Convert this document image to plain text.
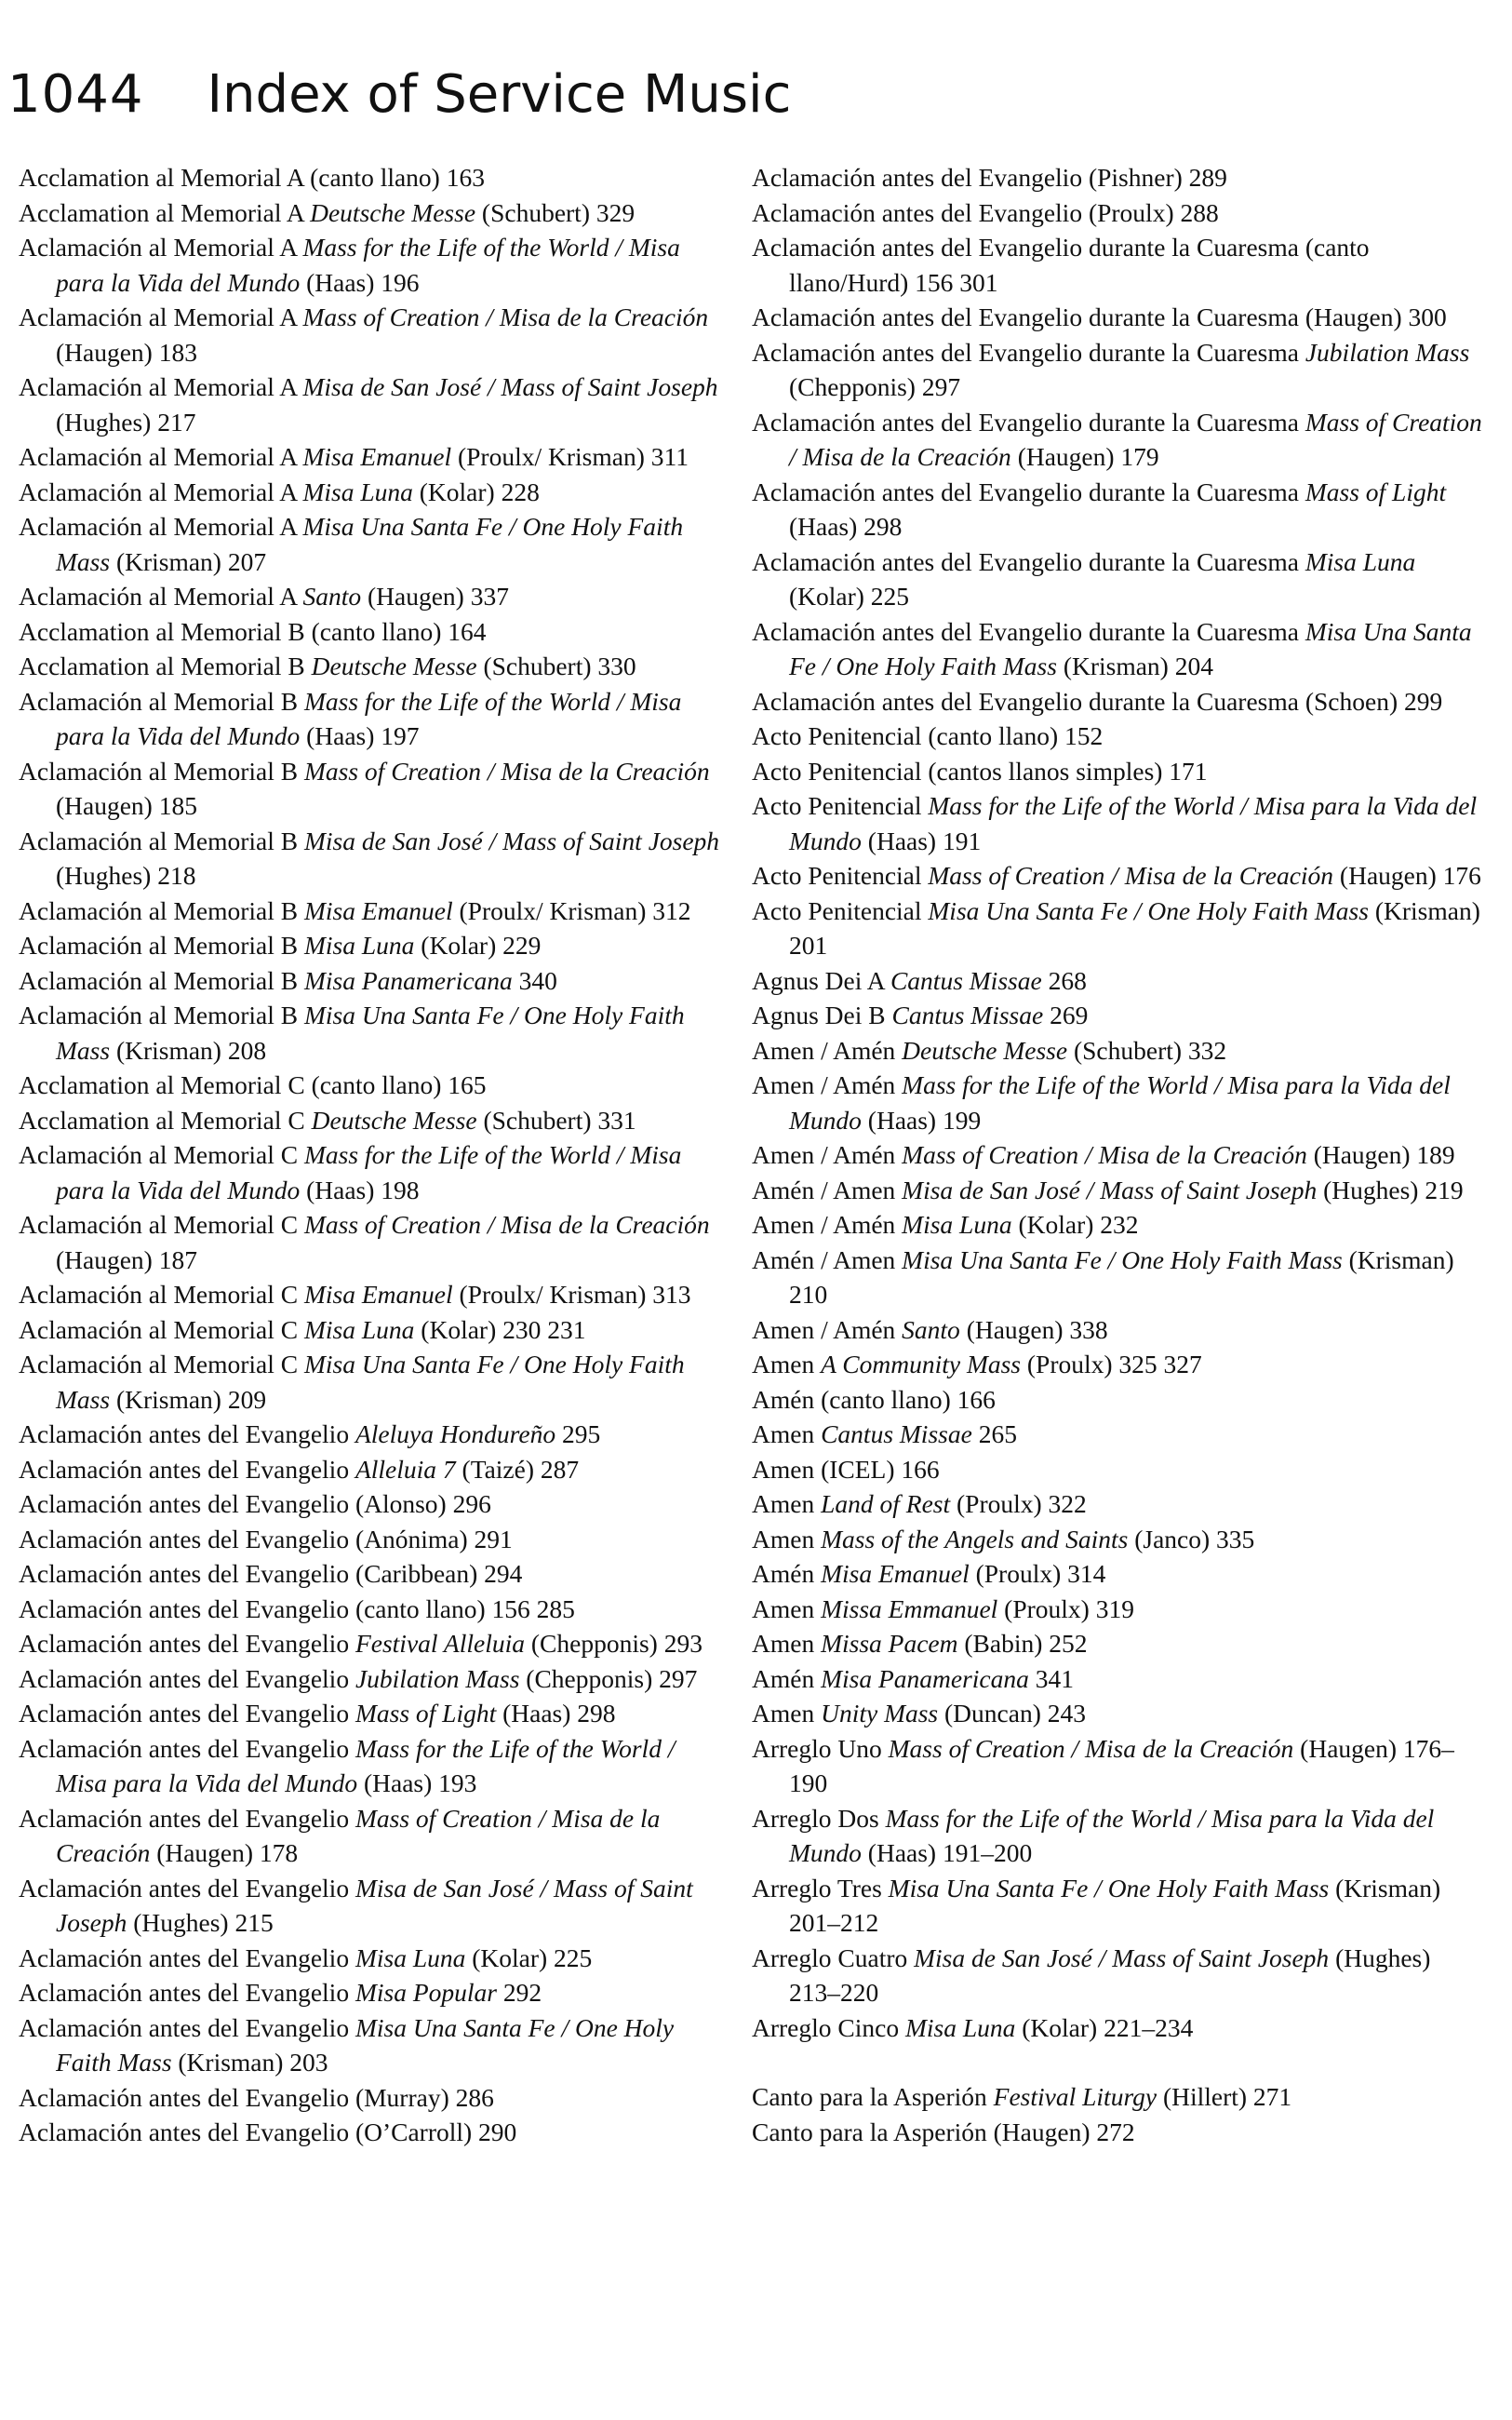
1044 Index of Service Music

Acclamation al Memorial A (canto llano) 163

Acclamation al Memorial A Deutsche Messe (Schubert) 329

Aclamación al Memorial A Mass for the Life of the World / Misa para la Vida del Mundo (Haas) 196

Aclamación al Memorial A Mass of Creation / Misa de la Creación (Haugen) 183

Aclamación al Memorial A Misa de San José / Mass of Saint Joseph (Hughes) 217

Aclamación al Memorial A Misa Emanuel (Proulx/ Krisman) 311

Aclamación al Memorial A Misa Luna (Kolar) 228

Aclamación al Memorial A Misa Una Santa Fe / One Holy Faith Mass (Krisman) 207

Aclamación al Memorial A Santo (Haugen) 337

Acclamation al Memorial B (canto llano) 164

Acclamation al Memorial B Deutsche Messe (Schubert) 330

Aclamación al Memorial B Mass for the Life of the World / Misa para la Vida del Mundo (Haas) 197

Aclamación al Memorial B Mass of Creation / Misa de la Creación (Haugen) 185

Aclamación al Memorial B Misa de San José / Mass of Saint Joseph (Hughes) 218

Aclamación al Memorial B Misa Emanuel (Proulx/ Krisman) 312

Aclamación al Memorial B Misa Luna (Kolar) 229

Aclamación al Memorial B Misa Panamericana 340

Aclamación al Memorial B Misa Una Santa Fe / One Holy Faith Mass (Krisman) 208

Acclamation al Memorial C (canto llano) 165

Acclamation al Memorial C Deutsche Messe (Schubert) 331

Aclamación al Memorial C Mass for the Life of the World / Misa para la Vida del Mundo (Haas) 198

Aclamación al Memorial C Mass of Creation / Misa de la Creación (Haugen) 187

Aclamación al Memorial C Misa Emanuel (Proulx/ Krisman) 313

Aclamación al Memorial C Misa Luna (Kolar) 230 231

Aclamación al Memorial C Misa Una Santa Fe / One Holy Faith Mass (Krisman) 209

Aclamación antes del Evangelio Aleluya Hondureño 295

Aclamación antes del Evangelio Alleluia 7 (Taizé) 287

Aclamación antes del Evangelio (Alonso) 296

Aclamación antes del Evangelio (Anónima) 291

Aclamación antes del Evangelio (Caribbean) 294

Aclamación antes del Evangelio (canto llano) 156 285

Aclamación antes del Evangelio Festival Alleluia (Chepponis) 293

Aclamación antes del Evangelio Jubilation Mass (Chepponis) 297

Aclamación antes del Evangelio Mass of Light (Haas) 298

Aclamación antes del Evangelio Mass for the Life of the World / Misa para la Vida del Mundo (Haas) 193

Aclamación antes del Evangelio Mass of Creation / Misa de la Creación (Haugen) 178

Aclamación antes del Evangelio Misa de San José / Mass of Saint Joseph (Hughes) 215

Aclamación antes del Evangelio Misa Luna (Kolar) 225

Aclamación antes del Evangelio Misa Popular 292

Aclamación antes del Evangelio Misa Una Santa Fe / One Holy Faith Mass (Krisman) 203

Aclamación antes del Evangelio (Murray) 286

Aclamación antes del Evangelio (O’Carroll) 290

Aclamación antes del Evangelio (Pishner) 289

Aclamación antes del Evangelio (Proulx) 288

Aclamación antes del Evangelio durante la Cuaresma (canto llano/Hurd) 156 301

Aclamación antes del Evangelio durante la Cuaresma (Haugen) 300

Aclamación antes del Evangelio durante la Cuaresma Jubilation Mass (Chepponis) 297

Aclamación antes del Evangelio durante la Cuaresma Mass of Creation / Misa de la Creación (Haugen) 179

Aclamación antes del Evangelio durante la Cuaresma Mass of Light (Haas) 298

Aclamación antes del Evangelio durante la Cuaresma Misa Luna (Kolar) 225

Aclamación antes del Evangelio durante la Cuaresma Misa Una Santa Fe / One Holy Faith Mass (Krisman) 204

Aclamación antes del Evangelio durante la Cuaresma (Schoen) 299

Acto Penitencial (canto llano) 152

Acto Penitencial (cantos llanos simples) 171

Acto Penitencial Mass for the Life of the World / Misa para la Vida del Mundo (Haas) 191

Acto Penitencial Mass of Creation / Misa de la Creación (Haugen) 176

Acto Penitencial Misa Una Santa Fe / One Holy Faith Mass (Krisman) 201

Agnus Dei A Cantus Missae 268

Agnus Dei B Cantus Missae 269

Amen / Amén Deutsche Messe (Schubert) 332

Amen / Amén Mass for the Life of the World / Misa para la Vida del Mundo (Haas) 199

Amen / Amén Mass of Creation / Misa de la Creación (Haugen) 189

Amén / Amen Misa de San José / Mass of Saint Joseph (Hughes) 219

Amen / Amén Misa Luna (Kolar) 232

Amén / Amen Misa Una Santa Fe / One Holy Faith Mass (Krisman) 210

Amen / Amén Santo (Haugen) 338

Amen A Community Mass (Proulx) 325 327

Amén (canto llano) 166

Amen Cantus Missae 265

Amen (ICEL) 166

Amen Land of Rest (Proulx) 322

Amen Mass of the Angels and Saints (Janco) 335

Amén Misa Emanuel (Proulx) 314

Amen Missa Emmanuel (Proulx) 319

Amen Missa Pacem (Babin) 252

Amén Misa Panamericana 341

Amen Unity Mass (Duncan) 243

Arreglo Uno Mass of Creation / Misa de la Creación (Haugen) 176–190

Arreglo Dos Mass for the Life of the World / Misa para la Vida del Mundo (Haas) 191–200

Arreglo Tres Misa Una Santa Fe / One Holy Faith Mass (Krisman) 201–212

Arreglo Cuatro Misa de San José / Mass of Saint Joseph (Hughes) 213–220

Arreglo Cinco Misa Luna (Kolar) 221–234

Canto para la Asperión Festival Liturgy (Hillert) 271

Canto para la Asperión (Haugen) 272
